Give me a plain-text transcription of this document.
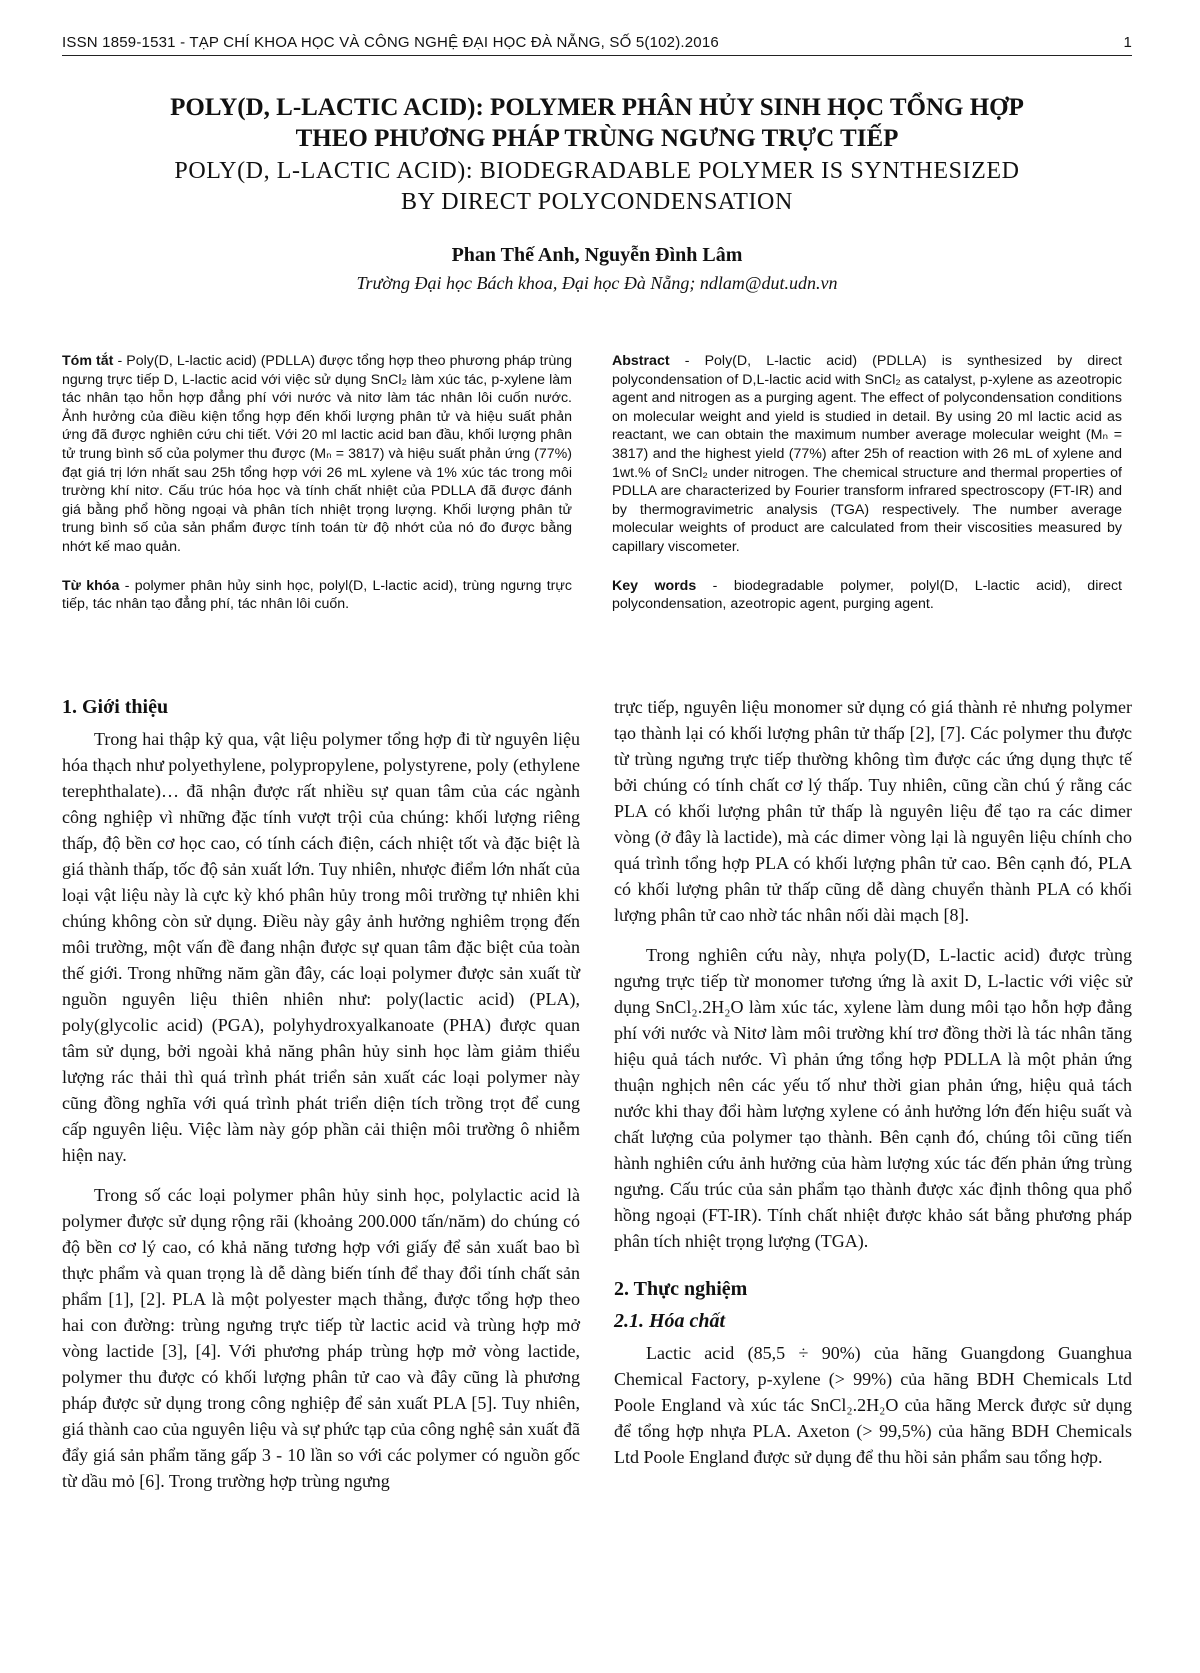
ISSN 1859-1531 - TẠP CHÍ KHOA HỌC VÀ CÔNG NGHỆ ĐẠI HỌC ĐÀ NẴNG, SỐ 5(102).2016	1
POLY(D, L-LACTIC ACID): POLYMER PHÂN HỦY SINH HỌC TỔNG HỢP
THEO PHƯƠNG PHÁP TRÙNG NGƯNG TRỰC TIẾP
POLY(D, L-LACTIC ACID): BIODEGRADABLE POLYMER IS SYNTHESIZED
BY DIRECT POLYCONDENSATION
Phan Thế Anh, Nguyễn Đình Lâm
Trường Đại học Bách khoa, Đại học Đà Nẵng; ndlam@dut.udn.vn

Tóm tắt - Poly(D, L-lactic acid) (PDLLA) được tổng hợp theo phương pháp trùng ngưng trực tiếp D, L-lactic acid với việc sử dụng SnCl₂ làm xúc tác, p-xylene làm tác nhân tạo hỗn hợp đẳng phí với nước và nitơ làm tác nhân lôi cuốn nước. Ảnh hưởng của điều kiện tổng hợp đến khối lượng phân tử và hiệu suất phản ứng đã được nghiên cứu chi tiết. Với 20 ml lactic acid ban đầu, khối lượng phân tử trung bình số của polymer thu được (Mₙ = 3817) và hiệu suất phản ứng (77%) đạt giá trị lớn nhất sau 25h tổng hợp với 26 mL xylene và 1% xúc tác trong môi trường khí nitơ. Cấu trúc hóa học và tính chất nhiệt của PDLLA đã được đánh giá bằng phổ hồng ngoại và phân tích nhiệt trọng lượng. Khối lượng phân tử trung bình số của sản phẩm được tính toán từ độ nhớt của nó đo được bằng nhớt kế mao quản.

Từ khóa - polymer phân hủy sinh học, polyl(D, L-lactic acid), trùng ngưng trực tiếp, tác nhân tạo đẳng phí, tác nhân lôi cuốn.

Abstract - Poly(D, L-lactic acid) (PDLLA) is synthesized by direct polycondensation of D,L-lactic acid with SnCl₂ as catalyst, p-xylene as azeotropic agent and nitrogen as a purging agent. The effect of polycondensation conditions on molecular weight and yield is studied in detail. By using 20 ml lactic acid as reactant, we can obtain the maximum number average molecular weight (Mₙ = 3817) and the highest yield (77%) after 25h of reaction with 26 mL of xylene and 1wt.% of SnCl₂ under nitrogen. The chemical structure and thermal properties of PDLLA are characterized by Fourier transform infrared spectroscopy (FT-IR) and by thermogravimetric analysis (TGA) respectively. The number average molecular weights of product are calculated from their viscosities measured by capillary viscometer.

Key words - biodegradable polymer, polyl(D, L-lactic acid), direct polycondensation, azeotropic agent, purging agent.

1. Giới thiệu

Trong hai thập kỷ qua, vật liệu polymer tổng hợp đi từ nguyên liệu hóa thạch như polyethylene, polypropylene, polystyrene, poly (ethylene terephthalate)… đã nhận được rất nhiều sự quan tâm của các ngành công nghiệp vì những đặc tính vượt trội của chúng: khối lượng riêng thấp, độ bền cơ học cao, có tính cách điện, cách nhiệt tốt và đặc biệt là giá thành thấp, tốc độ sản xuất lớn. Tuy nhiên, nhược điểm lớn nhất của loại vật liệu này là cực kỳ khó phân hủy trong môi trường tự nhiên khi chúng không còn sử dụng. Điều này gây ảnh hưởng nghiêm trọng đến môi trường, một vấn đề đang nhận được sự quan tâm đặc biệt của toàn thế giới. Trong những năm gần đây, các loại polymer được sản xuất từ nguồn nguyên liệu thiên nhiên như: poly(lactic acid) (PLA), poly(glycolic acid) (PGA), polyhydroxyalkanoate (PHA) được quan tâm sử dụng, bởi ngoài khả năng phân hủy sinh học làm giảm thiểu lượng rác thải thì quá trình phát triển sản xuất các loại polymer này cũng đồng nghĩa với quá trình phát triển diện tích trồng trọt để cung cấp nguyên liệu. Việc làm này góp phần cải thiện môi trường ô nhiễm hiện nay.

Trong số các loại polymer phân hủy sinh học, polylactic acid là polymer được sử dụng rộng rãi (khoảng 200.000 tấn/năm) do chúng có độ bền cơ lý cao, có khả năng tương hợp với giấy để sản xuất bao bì thực phẩm và quan trọng là dễ dàng biến tính để thay đổi tính chất sản phẩm [1], [2]. PLA là một polyester mạch thẳng, được tổng hợp theo hai con đường: trùng ngưng trực tiếp từ lactic acid và trùng hợp mở vòng lactide [3], [4]. Với phương pháp trùng hợp mở vòng lactide, polymer thu được có khối lượng phân tử cao và đây cũng là phương pháp được sử dụng trong công nghiệp để sản xuất PLA [5]. Tuy nhiên, giá thành cao của nguyên liệu và sự phức tạp của công nghệ sản xuất đã đẩy giá sản phẩm tăng gấp 3 - 10 lần so với các polymer có nguồn gốc từ dầu mỏ [6]. Trong trường hợp trùng ngưng

trực tiếp, nguyên liệu monomer sử dụng có giá thành rẻ nhưng polymer tạo thành lại có khối lượng phân tử thấp [2], [7]. Các polymer thu được từ trùng ngưng trực tiếp thường không tìm được các ứng dụng thực tế bởi chúng có tính chất cơ lý thấp. Tuy nhiên, cũng cần chú ý rằng các PLA có khối lượng phân tử thấp là nguyên liệu để tạo ra các dimer vòng (ở đây là lactide), mà các dimer vòng lại là nguyên liệu chính cho quá trình tổng hợp PLA có khối lượng phân tử cao. Bên cạnh đó, PLA có khối lượng phân tử thấp cũng dễ dàng chuyển thành PLA có khối lượng phân tử cao nhờ tác nhân nối dài mạch [8].

Trong nghiên cứu này, nhựa poly(D, L-lactic acid) được trùng ngưng trực tiếp từ monomer tương ứng là axit D, L-lactic với việc sử dụng SnCl₂.2H₂O làm xúc tác, xylene làm dung môi tạo hỗn hợp đẳng phí với nước và Nitơ làm môi trường khí trơ đồng thời là tác nhân tăng hiệu quả tách nước. Vì phản ứng tổng hợp PDLLA là một phản ứng thuận nghịch nên các yếu tố như thời gian phản ứng, hiệu quả tách nước khi thay đổi hàm lượng xylene có ảnh hưởng lớn đến hiệu suất và chất lượng của polymer tạo thành. Bên cạnh đó, chúng tôi cũng tiến hành nghiên cứu ảnh hưởng của hàm lượng xúc tác đến phản ứng trùng ngưng. Cấu trúc của sản phẩm tạo thành được xác định thông qua phổ hồng ngoại (FT-IR). Tính chất nhiệt được khảo sát bằng phương pháp phân tích nhiệt trọng lượng (TGA).

2. Thực nghiệm
2.1. Hóa chất

Lactic acid (85,5 ÷ 90%) của hãng Guangdong Guanghua Chemical Factory, p-xylene (> 99%) của hãng BDH Chemicals Ltd Poole England và xúc tác SnCl₂.2H₂O của hãng Merck được sử dụng để tổng hợp nhựa PLA. Axeton (> 99,5%) của hãng BDH Chemicals Ltd Poole England được sử dụng để thu hồi sản phẩm sau tổng hợp.
